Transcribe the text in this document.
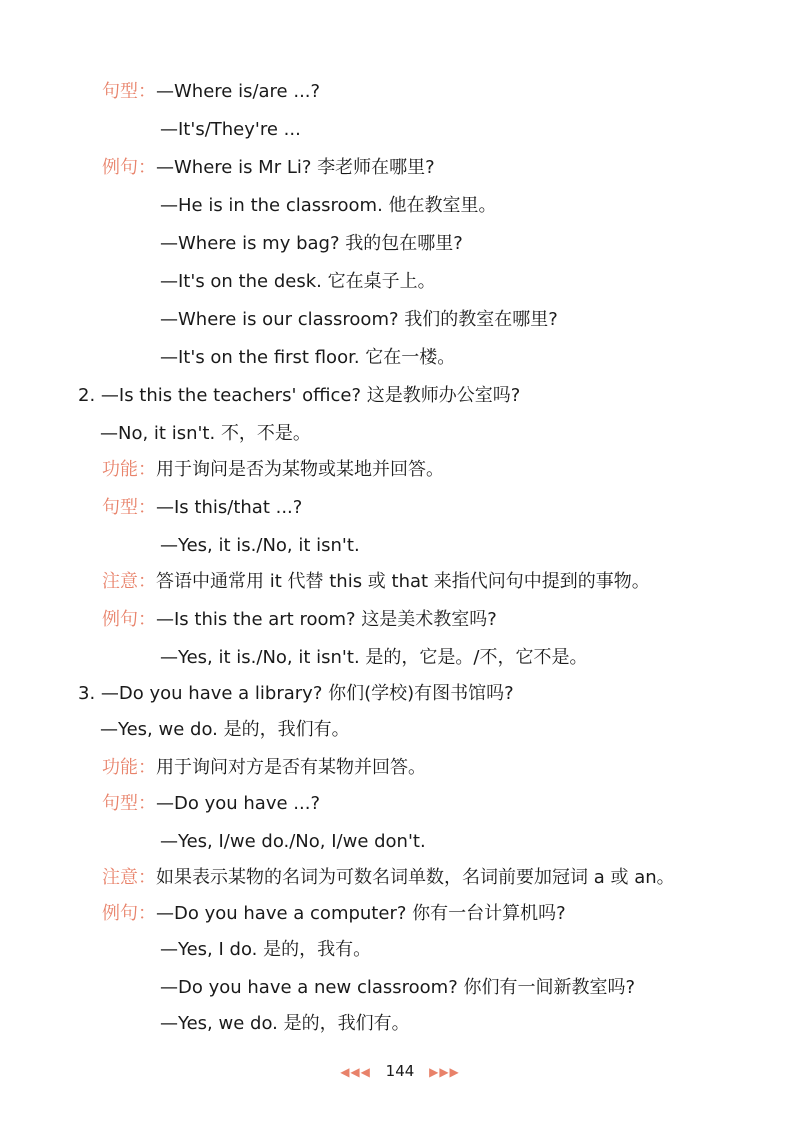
句型：—Where is/are ...?
—It's/They're ...
例句：—Where is Mr Li? 李老师在哪里?
—He is in the classroom. 他在教室里。
—Where is my bag? 我的包在哪里?
—It's on the desk. 它在桌子上。
—Where is our classroom? 我们的教室在哪里?
—It's on the first floor. 它在一楼。
2. —Is this the teachers' office? 这是教师办公室吗?
—No, it isn't. 不，不是。
功能：用于询问是否为某物或某地并回答。
句型：—Is this/that ...?
—Yes, it is./No, it isn't.
注意：答语中通常用 it 代替 this 或 that 来指代问句中提到的事物。
例句：—Is this the art room? 这是美术教室吗?
—Yes, it is./No, it isn't. 是的，它是。/不，它不是。
3. —Do you have a library? 你们(学校)有图书馆吗?
—Yes, we do. 是的，我们有。
功能：用于询问对方是否有某物并回答。
句型：—Do you have ...?
—Yes, I/we do./No, I/we don't.
注意：如果表示某物的名词为可数名词单数，名词前要加冠词 a 或 an。
例句：—Do you have a computer? 你有一台计算机吗?
—Yes, I do. 是的，我有。
—Do you have a new classroom? 你们有一间新教室吗?
—Yes, we do. 是的，我们有。
◀◀◀ 144 ▶▶▶
